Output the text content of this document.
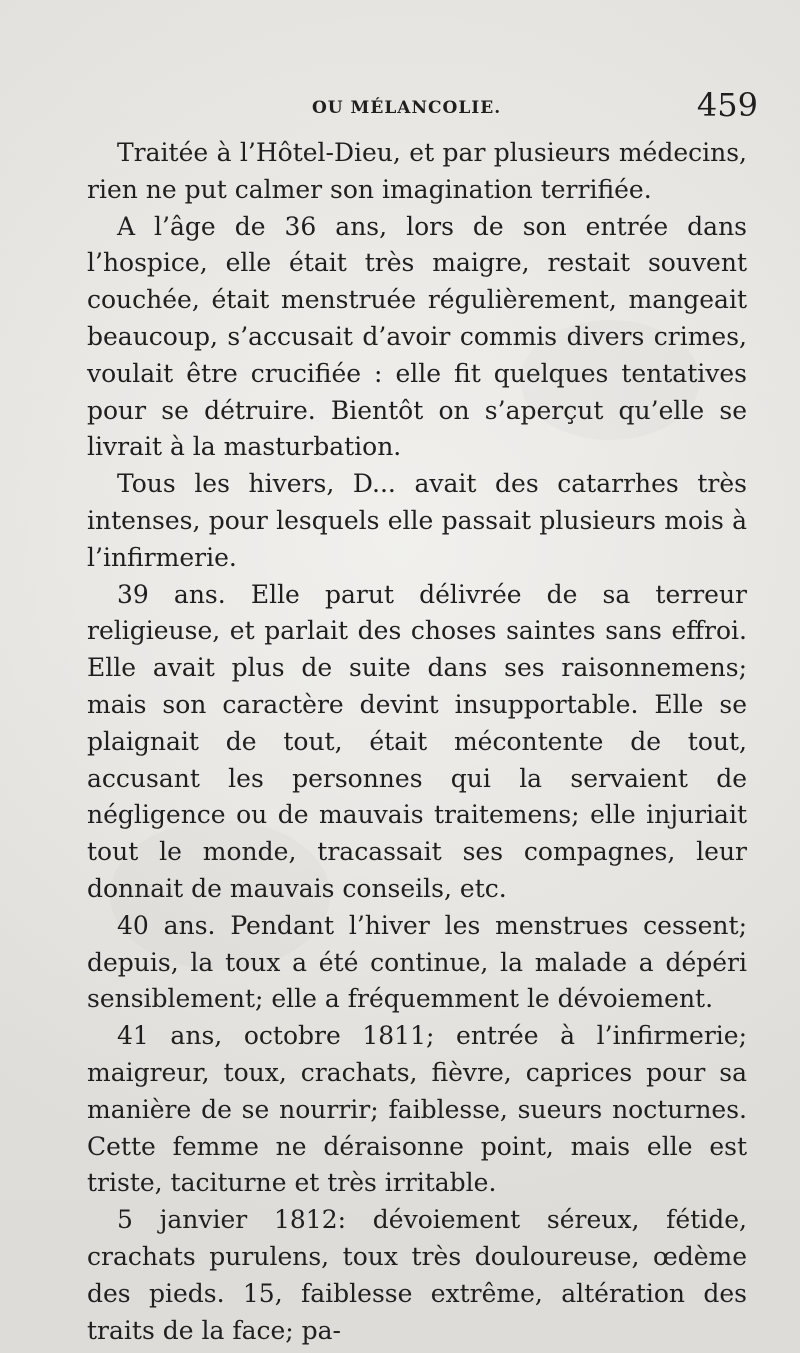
OU MÉLANCOLIE.	459

Traitée à l’Hôtel-Dieu, et par plusieurs médecins, rien ne put calmer son imagination terrifiée.

A l’âge de 36 ans, lors de son entrée dans l’hospice, elle était très maigre, restait souvent couchée, était menstruée régulièrement, mangeait beaucoup, s’accusait d’avoir commis divers crimes, voulait être crucifiée : elle fit quelques tentatives pour se détruire. Bientôt on s’aperçut qu’elle se livrait à la masturbation.

Tous les hivers, D... avait des catarrhes très intenses, pour lesquels elle passait plusieurs mois à l’infirmerie.

39 ans. Elle parut délivrée de sa terreur religieuse, et parlait des choses saintes sans effroi. Elle avait plus de suite dans ses raisonnemens; mais son caractère devint insupportable. Elle se plaignait de tout, était mécontente de tout, accusant les personnes qui la servaient de négligence ou de mauvais traitemens; elle injuriait tout le monde, tracassait ses compagnes, leur donnait de mauvais conseils, etc.

40 ans. Pendant l’hiver les menstrues cessent; depuis, la toux a été continue, la malade a dépéri sensiblement; elle a fréquemment le dévoiement.

41 ans, octobre 1811; entrée à l’infirmerie; maigreur, toux, crachats, fièvre, caprices pour sa manière de se nourrir; faiblesse, sueurs nocturnes. Cette femme ne déraisonne point, mais elle est triste, taciturne et très irritable.

5 janvier 1812: dévoiement séreux, fétide, crachats purulens, toux très douloureuse, œdème des pieds. 15, faiblesse extrême, altération des traits de la face; pa-
